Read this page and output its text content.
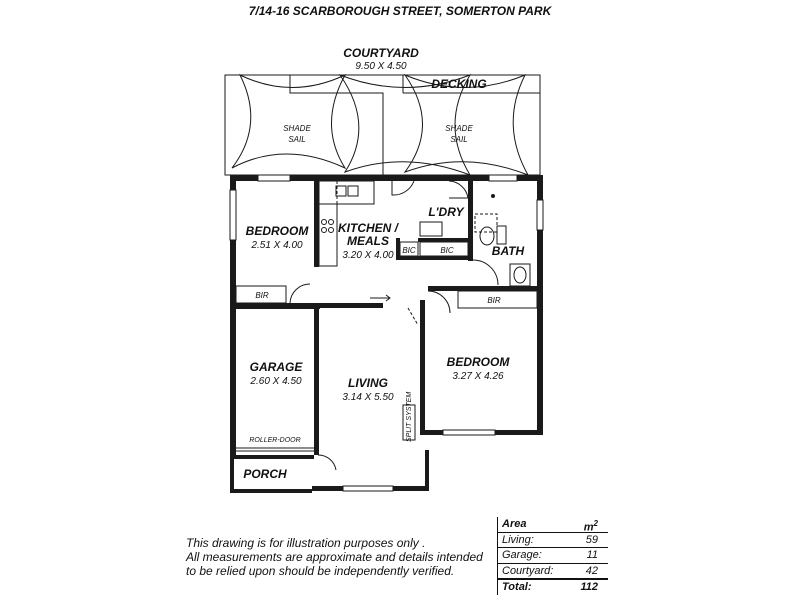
7/14-16 SCARBOROUGH STREET, SOMERTON PARK
COURTYARD
9.50 X 4.50
DECKING
SHADE
SAIL
SHADE
SAIL
BEDROOM
2.51 X 4.00
KITCHEN /
MEALS
3.20 X 4.00
L'DRY
BATH
BEDROOM
3.27 X 4.26
GARAGE
2.60 X 4.50	LIVING
3.14 X 5.50
PORCH
BIR
BIR
BIC	BIC
ROLLER-DOOR	SPLIT SYSTEM
This drawing is for illustration purposes only .
All measurements are approximate and details intended
to be relied upon should be independently verified.
Area	$m^2$
Living:	59
Garage:	11
Courtyard:	42
Total:	112
